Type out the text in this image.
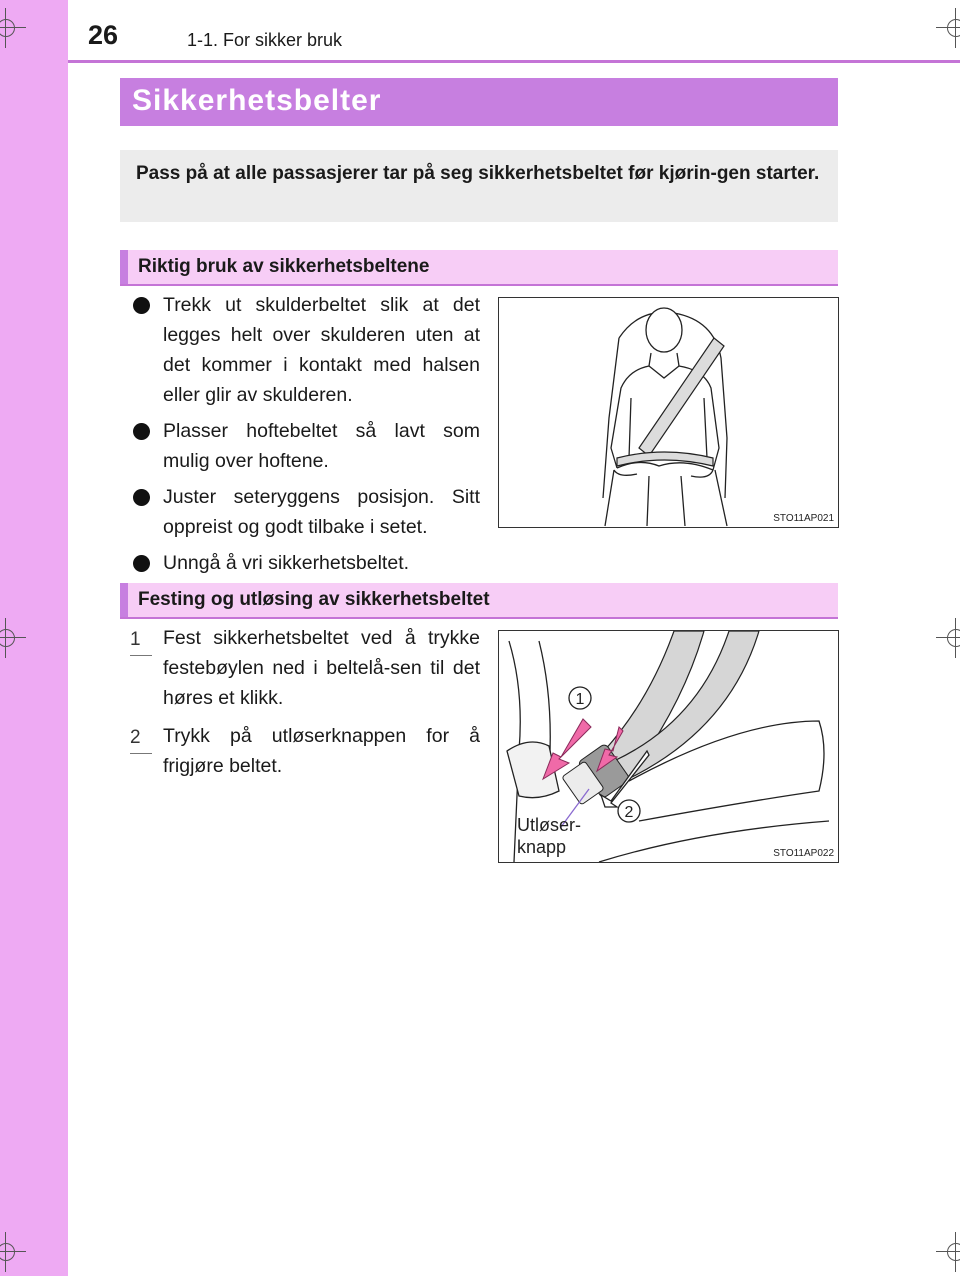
26	1-1. For sikker bruk
Sikkerhetsbelter

Pass på at alle passasjerer tar på seg sikkerhetsbeltet før kjørin-gen starter.

Riktig bruk av sikkerhetsbeltene
Trekk ut skulderbeltet slik at det legges helt over skulderen uten at det kommer i kontakt med halsen eller glir av skulderen.
Plasser hoftebeltet så lavt som mulig over hoftene.
Juster seteryggens posisjon. Sitt oppreist og godt tilbake i setet.
Unngå å vri sikkerhetsbeltet.
STO11AP021
Festing og utløsing av sikkerhetsbeltet
1	Fest sikkerhetsbeltet ved å trykke festebøylen ned i beltelå-sen til det høres et klikk.
2	Trykk på utløserknappen for å frigjøre beltet.
1
2
Utløser-
knapp	STO11AP022
